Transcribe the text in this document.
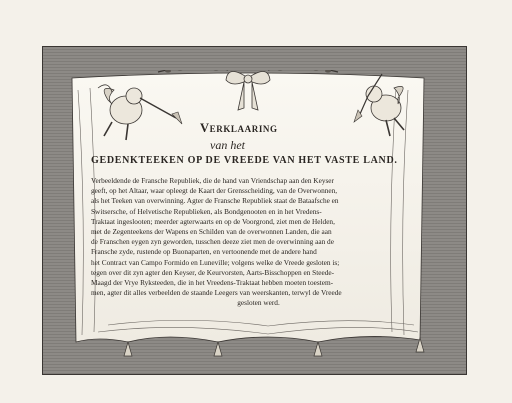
Verklaaring
van het
GEDENKTEEKEN OP DE VREEDE VAN HET VASTE LAND.
Verbeeldende de Fransche Republiek, die de hand van Vriendschap aan den Keyser
geeft, op het Altaar, waar opleegt de Kaart der Grensscheiding, van de Overwonnen,
als het Teeken van overwinning. Agter de Fransche Republiek staat de Bataafsche en
Switsersche, of Helvetische Republieken, als Bondgenooten en in het Vredens-
Traktaat ingeslooten; meerder agterwaarts en op de Voorgrond, ziet men de Helden,
met de Zegenteekens der Wapens en Schilden van de overwonnen Landen, die aan
de Franschen eygen zyn geworden, tusschen deeze ziet men de overwinning aan de
Fransche zyde, rustende op Buonaparten, en vertoonende met de andere hand
het Contract van Campo Formido en Luneville; volgens welke de Vreede gesloten is;
tegen over dit zyn agter den Keyser, de Keurvorsten, Aarts-Bisschoppen en Steede-
Maagd der Vrye Ryksteeden, die in het Vreedens-Traktaat hebben moeten toestem-
men, agter dit alles verbeelden de staande Leegers van weerskanten, terwyl de Vreede
gesloten werd.
